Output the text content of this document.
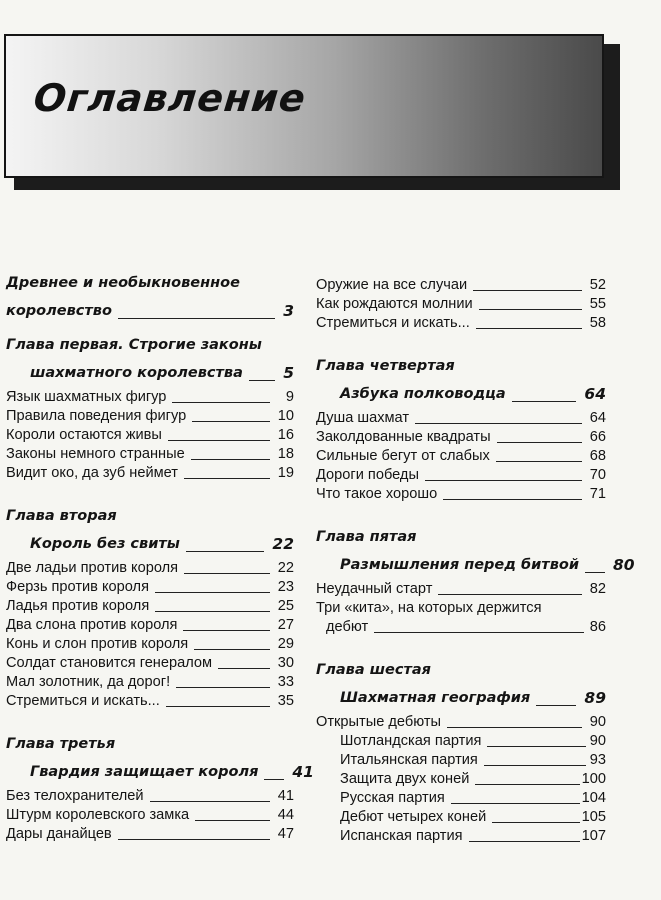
Оглавление
Древнее и необыкновенное
королевство	3
Глава первая. Строгие законы
шахматного королевства	5
Язык шахматных фигур	9
Правила поведения фигур	10
Короли остаются живы	16
Законы немного странные	18
Видит око, да зуб неймет	19
Глава вторая
Король без свиты	22
Две ладьи против короля	22
Ферзь против короля	23
Ладья против короля	25
Два слона против короля	27
Конь и слон против короля	29
Солдат становится генералом	30
Мал золотник, да дорог!	33
Стремиться и искать...	35
Глава третья
Гвардия защищает короля 41
Без телохранителей	41
Штурм королевского замка	44
Дары данайцев	47
Оружие на все случаи	52
Как рождаются молнии	55
Стремиться и искать...	58
Глава четвертая
Азбука полководца	64
Душа шахмат	64
Заколдованные квадраты	66
Сильные бегут от слабых	68
Дороги победы	70
Что такое хорошо	71
Глава пятая
Размышления перед битвой 80
Неудачный старт	82
Три «кита», на которых держится
дебют	86
Глава шестая
Шахматная география	89
Открытые дебюты	90
Шотландская партия	90
Итальянская партия	93
Защита двух коней	100
Русская партия	104
Дебют четырех коней	105
Испанская партия	107
